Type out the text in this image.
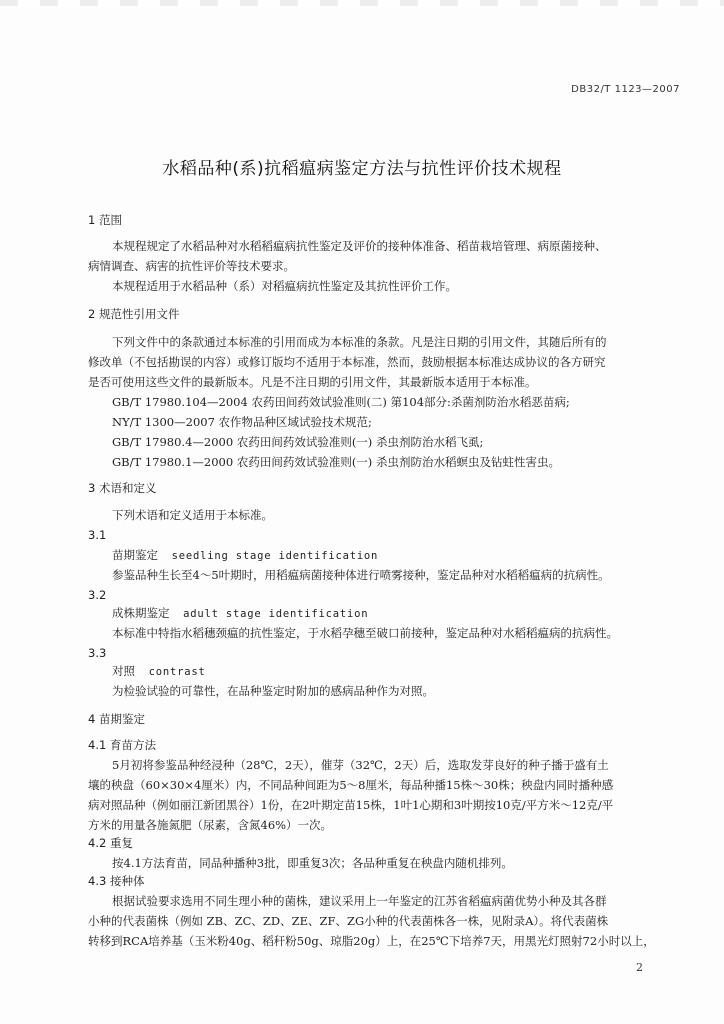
DB32/T 1123—2007
水稻品种(系)抗稻瘟病鉴定方法与抗性评价技术规程
1 范围
本规程规定了水稻品种对水稻稻瘟病抗性鉴定及评价的接种体准备、稻苗栽培管理、病原菌接种、
病情调查、病害的抗性评价等技术要求。
本规程适用于水稻品种（系）对稻瘟病抗性鉴定及其抗性评价工作。
2 规范性引用文件
下列文件中的条款通过本标准的引用而成为本标准的条款。凡是注日期的引用文件，其随后所有的
修改单（不包括勘误的内容）或修订版均不适用于本标准，然而，鼓励根据本标准达成协议的各方研究
是否可使用这些文件的最新版本。凡是不注日期的引用文件，其最新版本适用于本标准。
GB/T 17980.104—2004 农药田间药效试验准则(二) 第104部分:杀菌剂防治水稻恶苗病;
NY/T 1300—2007 农作物品种区域试验技术规范;
GB/T 17980.4—2000 农药田间药效试验准则(一) 杀虫剂防治水稻飞虱;
GB/T 17980.1—2000 农药田间药效试验准则(一) 杀虫剂防治水稻螟虫及钻蛀性害虫。
3 术语和定义
下列术语和定义适用于本标准。
3.1
苗期鉴定 seedling stage identification
参鉴品种生长至4～5叶期时，用稻瘟病菌接种体进行喷雾接种，鉴定品种对水稻稻瘟病的抗病性。
3.2
成株期鉴定 adult stage identification
本标准中特指水稻穗颈瘟的抗性鉴定，于水稻孕穗至破口前接种，鉴定品种对水稻稻瘟病的抗病性。
3.3
对照 contrast
为检验试验的可靠性，在品种鉴定时附加的感病品种作为对照。
4 苗期鉴定
4.1 育苗方法
5月初将参鉴品种经浸种（28℃，2天），催芽（32℃，2天）后，选取发芽良好的种子播于盛有土
壤的秧盘（60×30×4厘米）内，不同品种间距为5～8厘米，每品种播15株～30株；秧盘内同时播种感
病对照品种（例如丽江新团黑谷）1份，在2叶期定苗15株，1叶1心期和3叶期按10克/平方米～12克/平
方米的用量各施氮肥（尿素，含氮46%）一次。
4.2 重复
按4.1方法育苗，同品种播种3批，即重复3次；各品种重复在秧盘内随机排列。
4.3 接种体
根据试验要求选用不同生理小种的菌株，建议采用上一年鉴定的江苏省稻瘟病菌优势小种及其各群
小种的代表菌株（例如 ZB、ZC、ZD、ZE、ZF、ZG小种的代表菌株各一株，见附录A）。将代表菌株
转移到RCA培养基（玉米粉40g、稻秆粉50g、琼脂20g）上，在25℃下培养7天，用黑光灯照射72小时以上，
2
